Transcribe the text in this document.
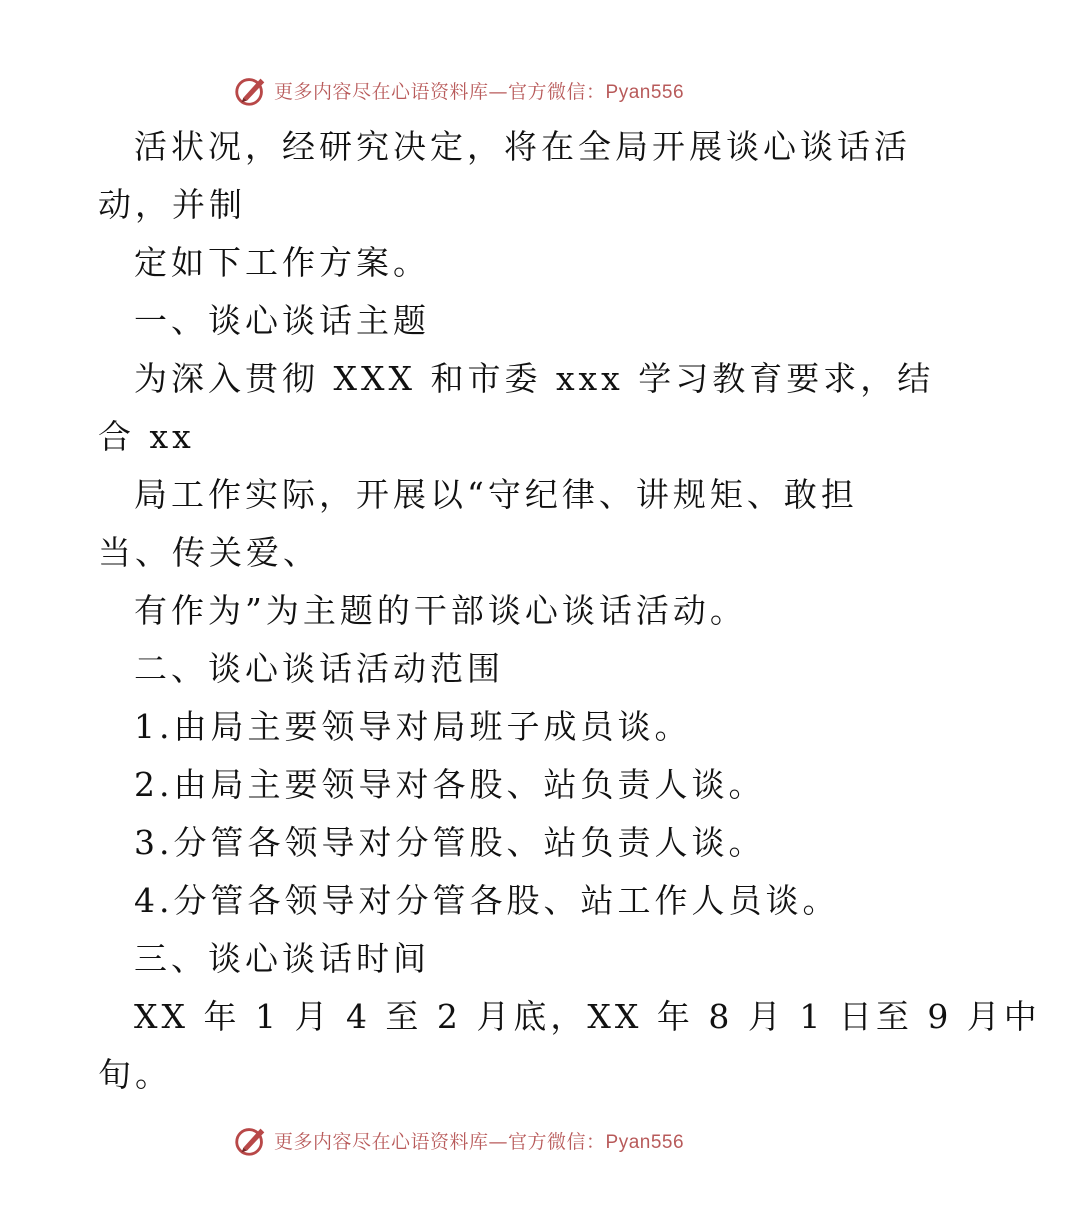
更多内容尽在心语资料库—官方微信：Pyan556
活状况，经研究决定，将在全局开展谈心谈话活
动，并制
定如下工作方案。
一、谈心谈话主题
为深入贯彻 XXX 和市委 xxx 学习教育要求，结
合 xx
局工作实际，开展以“守纪律、讲规矩、敢担
当、传关爱、
有作为”为主题的干部谈心谈话活动。
二、谈心谈话活动范围
1.由局主要领导对局班子成员谈。
2.由局主要领导对各股、站负责人谈。
3.分管各领导对分管股、站负责人谈。
4.分管各领导对分管各股、站工作人员谈。
三、谈心谈话时间
XX 年 1 月 4 至 2 月底，XX 年 8 月 1 日至 9 月中
旬。
更多内容尽在心语资料库—官方微信：Pyan556
